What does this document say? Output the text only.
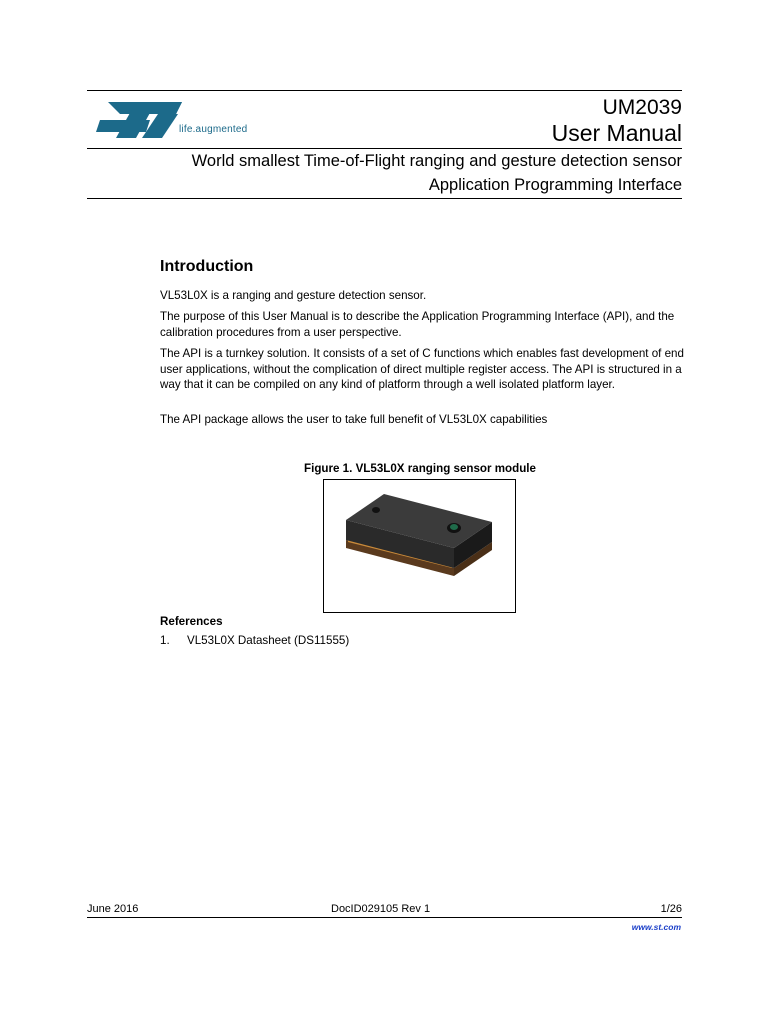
life.augmented
UM2039
User Manual
World smallest Time-of-Flight ranging and gesture detection sensor
Application Programming Interface
Introduction

VL53L0X is a ranging and gesture detection sensor.

The purpose of this User Manual is to describe the Application Programming Interface (API), and the calibration procedures from a user perspective.

The API is a turnkey solution. It consists of a set of C functions which enables fast development of end user applications, without the complication of direct multiple register access. The API is structured in a way that it can be compiled on any kind of platform through a well isolated platform layer.

The API package allows the user to take full benefit of VL53L0X capabilities

Figure 1. VL53L0X ranging sensor module
References
1. VL53L0X Datasheet (DS11555)
June 2016	DocID029105 Rev 1	1/26
www.st.com
